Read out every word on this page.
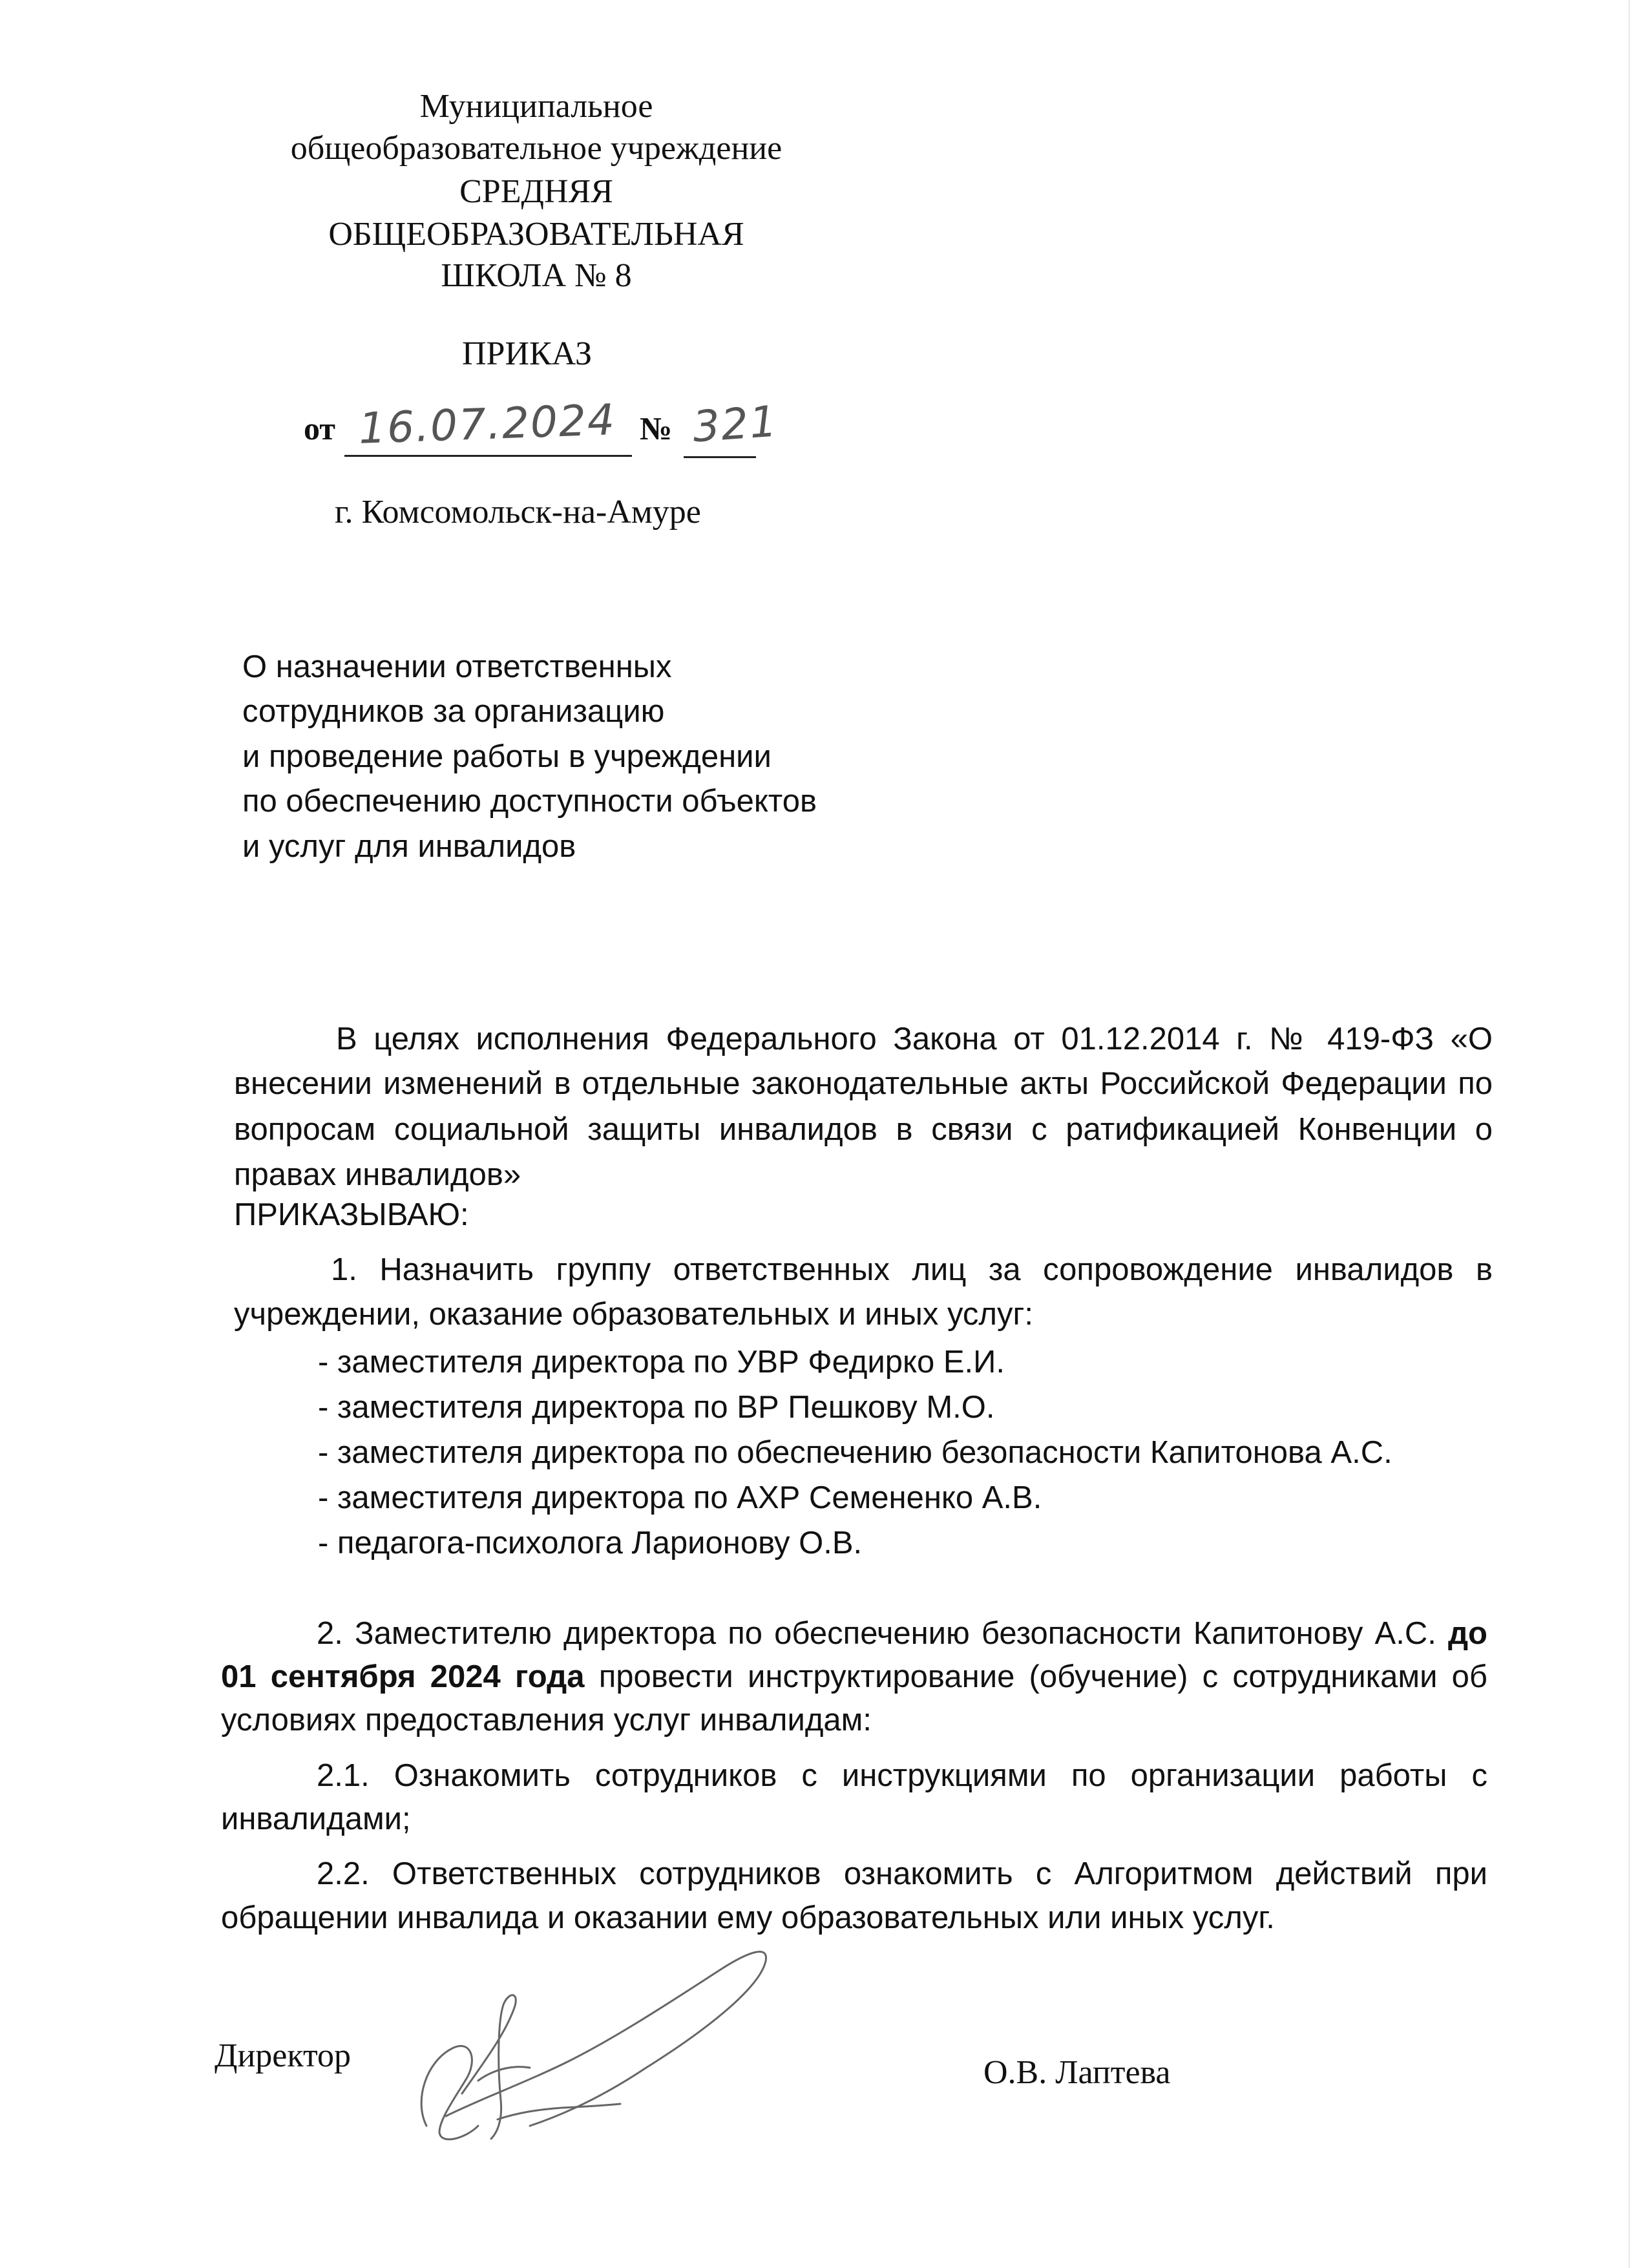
Муниципальное
общеобразовательное учреждение
СРЕДНЯЯ
ОБЩЕОБРАЗОВАТЕЛЬНАЯ
ШКОЛА № 8
ПРИКАЗ
от 16.07.2024 № 321
г. Комсомольск-на-Амуре
О назначении ответственных
сотрудников за организацию
и проведение работы в учреждении
по обеспечению доступности объектов
и услуг для инвалидов
В целях исполнения Федерального Закона от 01.12.2014 г. № 419-ФЗ «О
внесении изменений в отдельные законодательные акты Российской Федерации по
вопросам социальной защиты инвалидов в связи с ратификацией Конвенции о
правах инвалидов»
ПРИКАЗЫВАЮ:
1. Назначить группу ответственных лиц за сопровождение инвалидов в
учреждении, оказание образовательных и иных услуг:
- заместителя директора по УВР Федирко Е.И.
- заместителя директора по ВР Пешкову М.О.
- заместителя директора по обеспечению безопасности Капитонова А.С.
- заместителя директора по АХР Семененко А.В.
- педагога-психолога Ларионову О.В.
2. Заместителю директора по обеспечению безопасности Капитонову А.С. до
01 сентября 2024 года провести инструктирование (обучение) с сотрудниками об
условиях предоставления услуг инвалидам:
2.1. Ознакомить сотрудников с инструкциями по организации работы с
инвалидами;
2.2. Ответственных сотрудников ознакомить с Алгоритмом действий при
обращении инвалида и оказании ему образовательных или иных услуг.
Директор	О.В. Лаптева
